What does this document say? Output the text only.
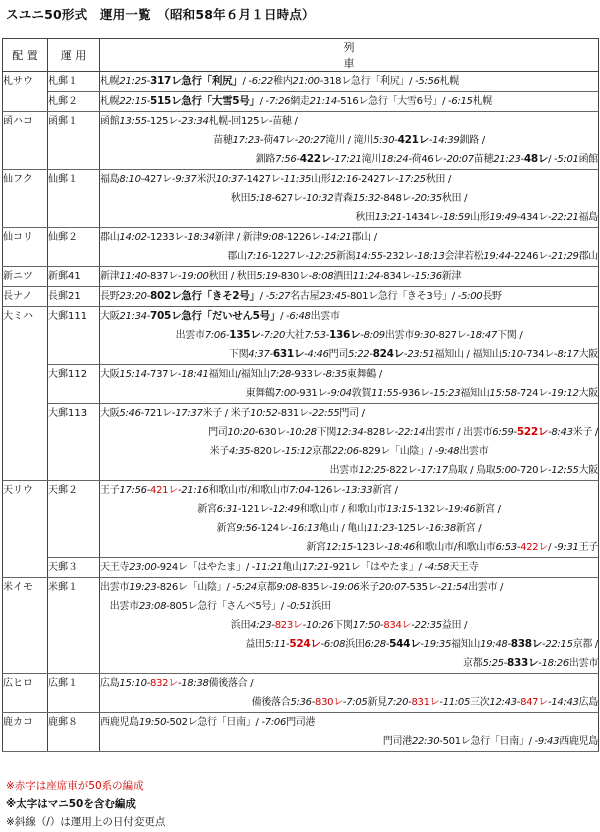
スユニ50形式　運用一覧　（昭和58年６月１日時点）
配 置	運 用	列車
札サウ	札郵１	札幌21:25-317レ急行「利尻」/ -6:22稚内21:00-318レ急行「利尻」/ -5:56札幌

	札郵２	札幌22:15-515レ急行「大雪5号」/ -7:26網走21:14-516レ急行「大雪6号」/ -6:15札幌

函ハコ	函郵１	函館13:55-125レ-23:34札幌-回125レ-苗穂 /
苗穂17:23-荷47レ-20:27滝川 / 滝川5:30-421レ-14:39釧路 /
釧路7:56-422レ-17:21滝川18:24-荷46レ-20:07苗穂21:23-48レ/ -5:01函館

仙フク	仙郵１	福島8:10-427レ-9:37米沢10:37-1427レ-11:35山形12:16-2427レ-17:25秋田 /
秋田5:18-627レ-10:32青森15:32-848レ-20:35秋田 /
秋田13:21-1434レ-18:59山形19:49-434レ-22:21福島

仙コリ	仙郵２	郡山14:02-1233レ-18:34新津 / 新津9:08-1226レ-14:21郡山 /
郡山7:16-1227レ-12:25新潟14:55-232レ-18:13会津若松19:44-2246レ-21:29郡山

新ニツ	新郵41	新津11:40-837レ-19:00秋田 / 秋田5:19-830レ-8:08酒田11:24-834レ-15:36新津

長ナノ	長郵21	長野23:20-802レ急行「きそ2号」/ -5:27名古屋23:45-801レ急行「きそ3号」/ -5:00長野

大ミハ	大郵111	大阪21:34-705レ急行「だいせん5号」/ -6:48出雲市
出雲市7:06-135レ-7:20大社7:53-136レ-8:09出雲市9:30-827レ-18:47下関 /
下関4:37-631レ-4:46門司5:22-824レ-23:51福知山 / 福知山5:10-734レ-8:17大阪

	大郵112	大阪15:14-737レ-18:41福知山/福知山7:28-933レ-8:35東舞鶴 /
東舞鶴7:00-931レ-9:04敦賀11:55-936レ-15:23福知山15:58-724レ-19:12大阪

	大郵113	大阪5:46-721レ-17:37米子 / 米子10:52-831レ-22:55門司 /
門司10:20-630レ-10:28下関12:34-828レ-22:14出雲市 / 出雲市6:59-522レ-8:43米子 /
米子4:35-820レ-15:12京都22:06-829レ「山陰」/ -9:48出雲市
出雲市12:25-822レ-17:17鳥取 / 鳥取5:00-720レ-12:55大阪

天リウ	天郵２	王子17:56-421レ-21:16和歌山市/和歌山市7:04-126レ-13:33新宮 /
新宮6:31-121レ-12:49和歌山市 / 和歌山市13:15-132レ-19:46新宮 /
新宮9:56-124レ-16:13亀山 / 亀山11:23-125レ-16:38新宮 /
新宮12:15-123レ-18:46和歌山市/和歌山市6:53-422レ/ -9:31王子

	天郵３	天王寺23:00-924レ「はやたま」/ -11:21亀山17:21-921レ「はやたま」/ -4:58天王寺

米イモ	米郵１	出雲市19:23-826レ「山陰」/ -5:24京都9:08-835レ-19:06米子20:07-535レ-21:54出雲市 /
　出雲市23:08-805レ急行「さんべ5号」/ -0:51浜田
浜田4:23-823レ-10:26下関17:50-834レ-22:35益田 /
益田5:11-524レ-6:08浜田6:28-544レ-19:35福知山19:48-838レ-22:15京都 /
京都5:25-833レ-18:26出雲市

広ヒロ	広郵１	広島15:10-832レ-18:38備後落合 /
備後落合5:36-830レ-7:05新見7:20-831レ-11:05三次12:43-847レ-14:43広島

鹿カコ	鹿郵８	西鹿児島19:50-502レ急行「日南」/ -7:06門司港
門司港22:30-501レ急行「日南」/ -9:43西鹿児島
※赤字は座席車が50系の編成
※太字はマニ50を含む編成
※斜線（/）は運用上の日付変更点
